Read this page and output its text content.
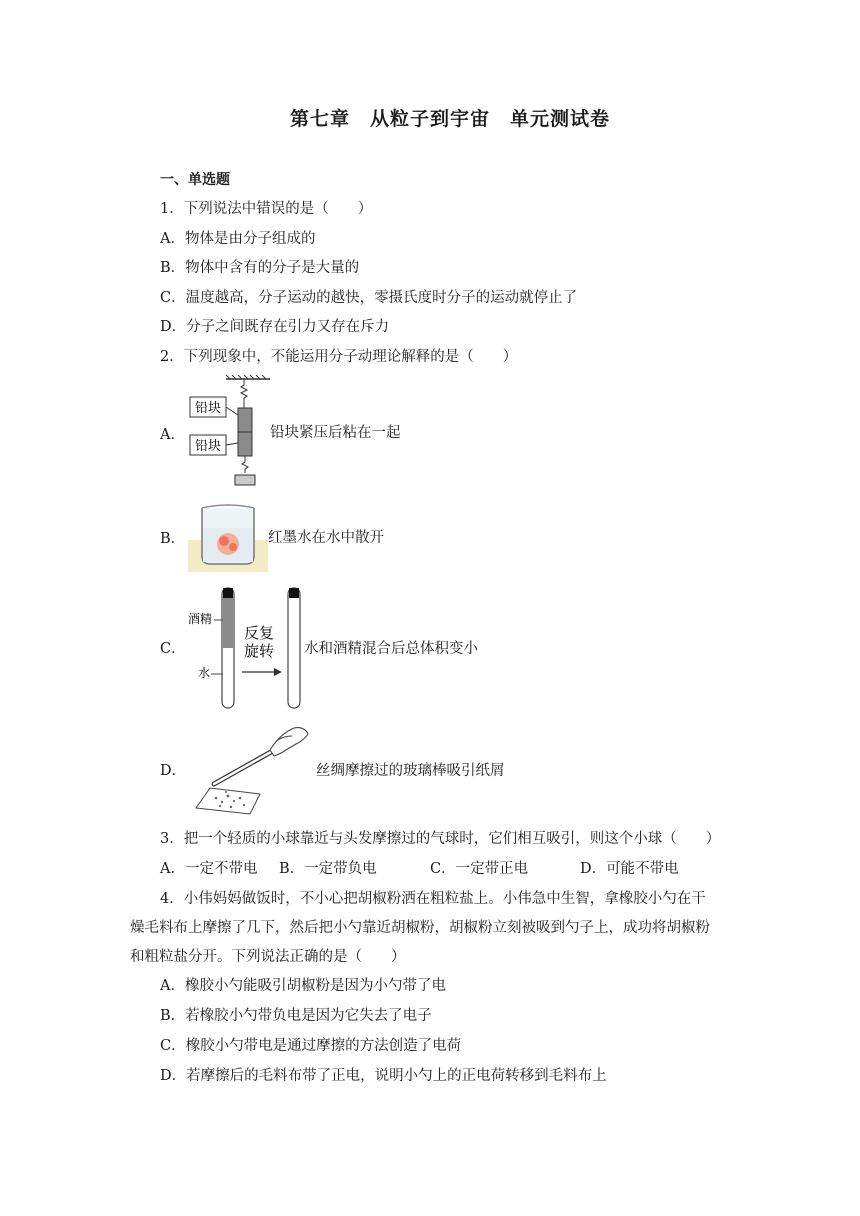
第七章　从粒子到宇宙　单元测试卷
一、单选题
1．下列说法中错误的是（　　）
A．物体是由分子组成的
B．物体中含有的分子是大量的
C．温度越高，分子运动的越快，零摄氏度时分子的运动就停止了
D．分子之间既存在引力又存在斥力
2．下列现象中，不能运用分子动理论解释的是（　　）
A．
铅块
铅块
铅块紧压后粘在一起
B．	红墨水在水中散开
C．
酒精
水
反复
旋转 水和酒精混合后总体积变小
D．	丝绸摩擦过的玻璃棒吸引纸屑
3．把一个轻质的小球靠近与头发摩擦过的气球时，它们相互吸引，则这个小球（　　）
A．一定不带电 B．一定带负电	C．一定带正电	D．可能不带电
4．小伟妈妈做饭时，不小心把胡椒粉洒在粗粒盐上。小伟急中生智，拿橡胶小勺在干
燥毛料布上摩擦了几下，然后把小勺靠近胡椒粉，胡椒粉立刻被吸到勺子上，成功将胡椒粉
和粗粒盐分开。下列说法正确的是（　　）
A．橡胶小勺能吸引胡椒粉是因为小勺带了电
B．若橡胶小勺带负电是因为它失去了电子
C．橡胶小勺带电是通过摩擦的方法创造了电荷
D．若摩擦后的毛料布带了正电，说明小勺上的正电荷转移到毛料布上
